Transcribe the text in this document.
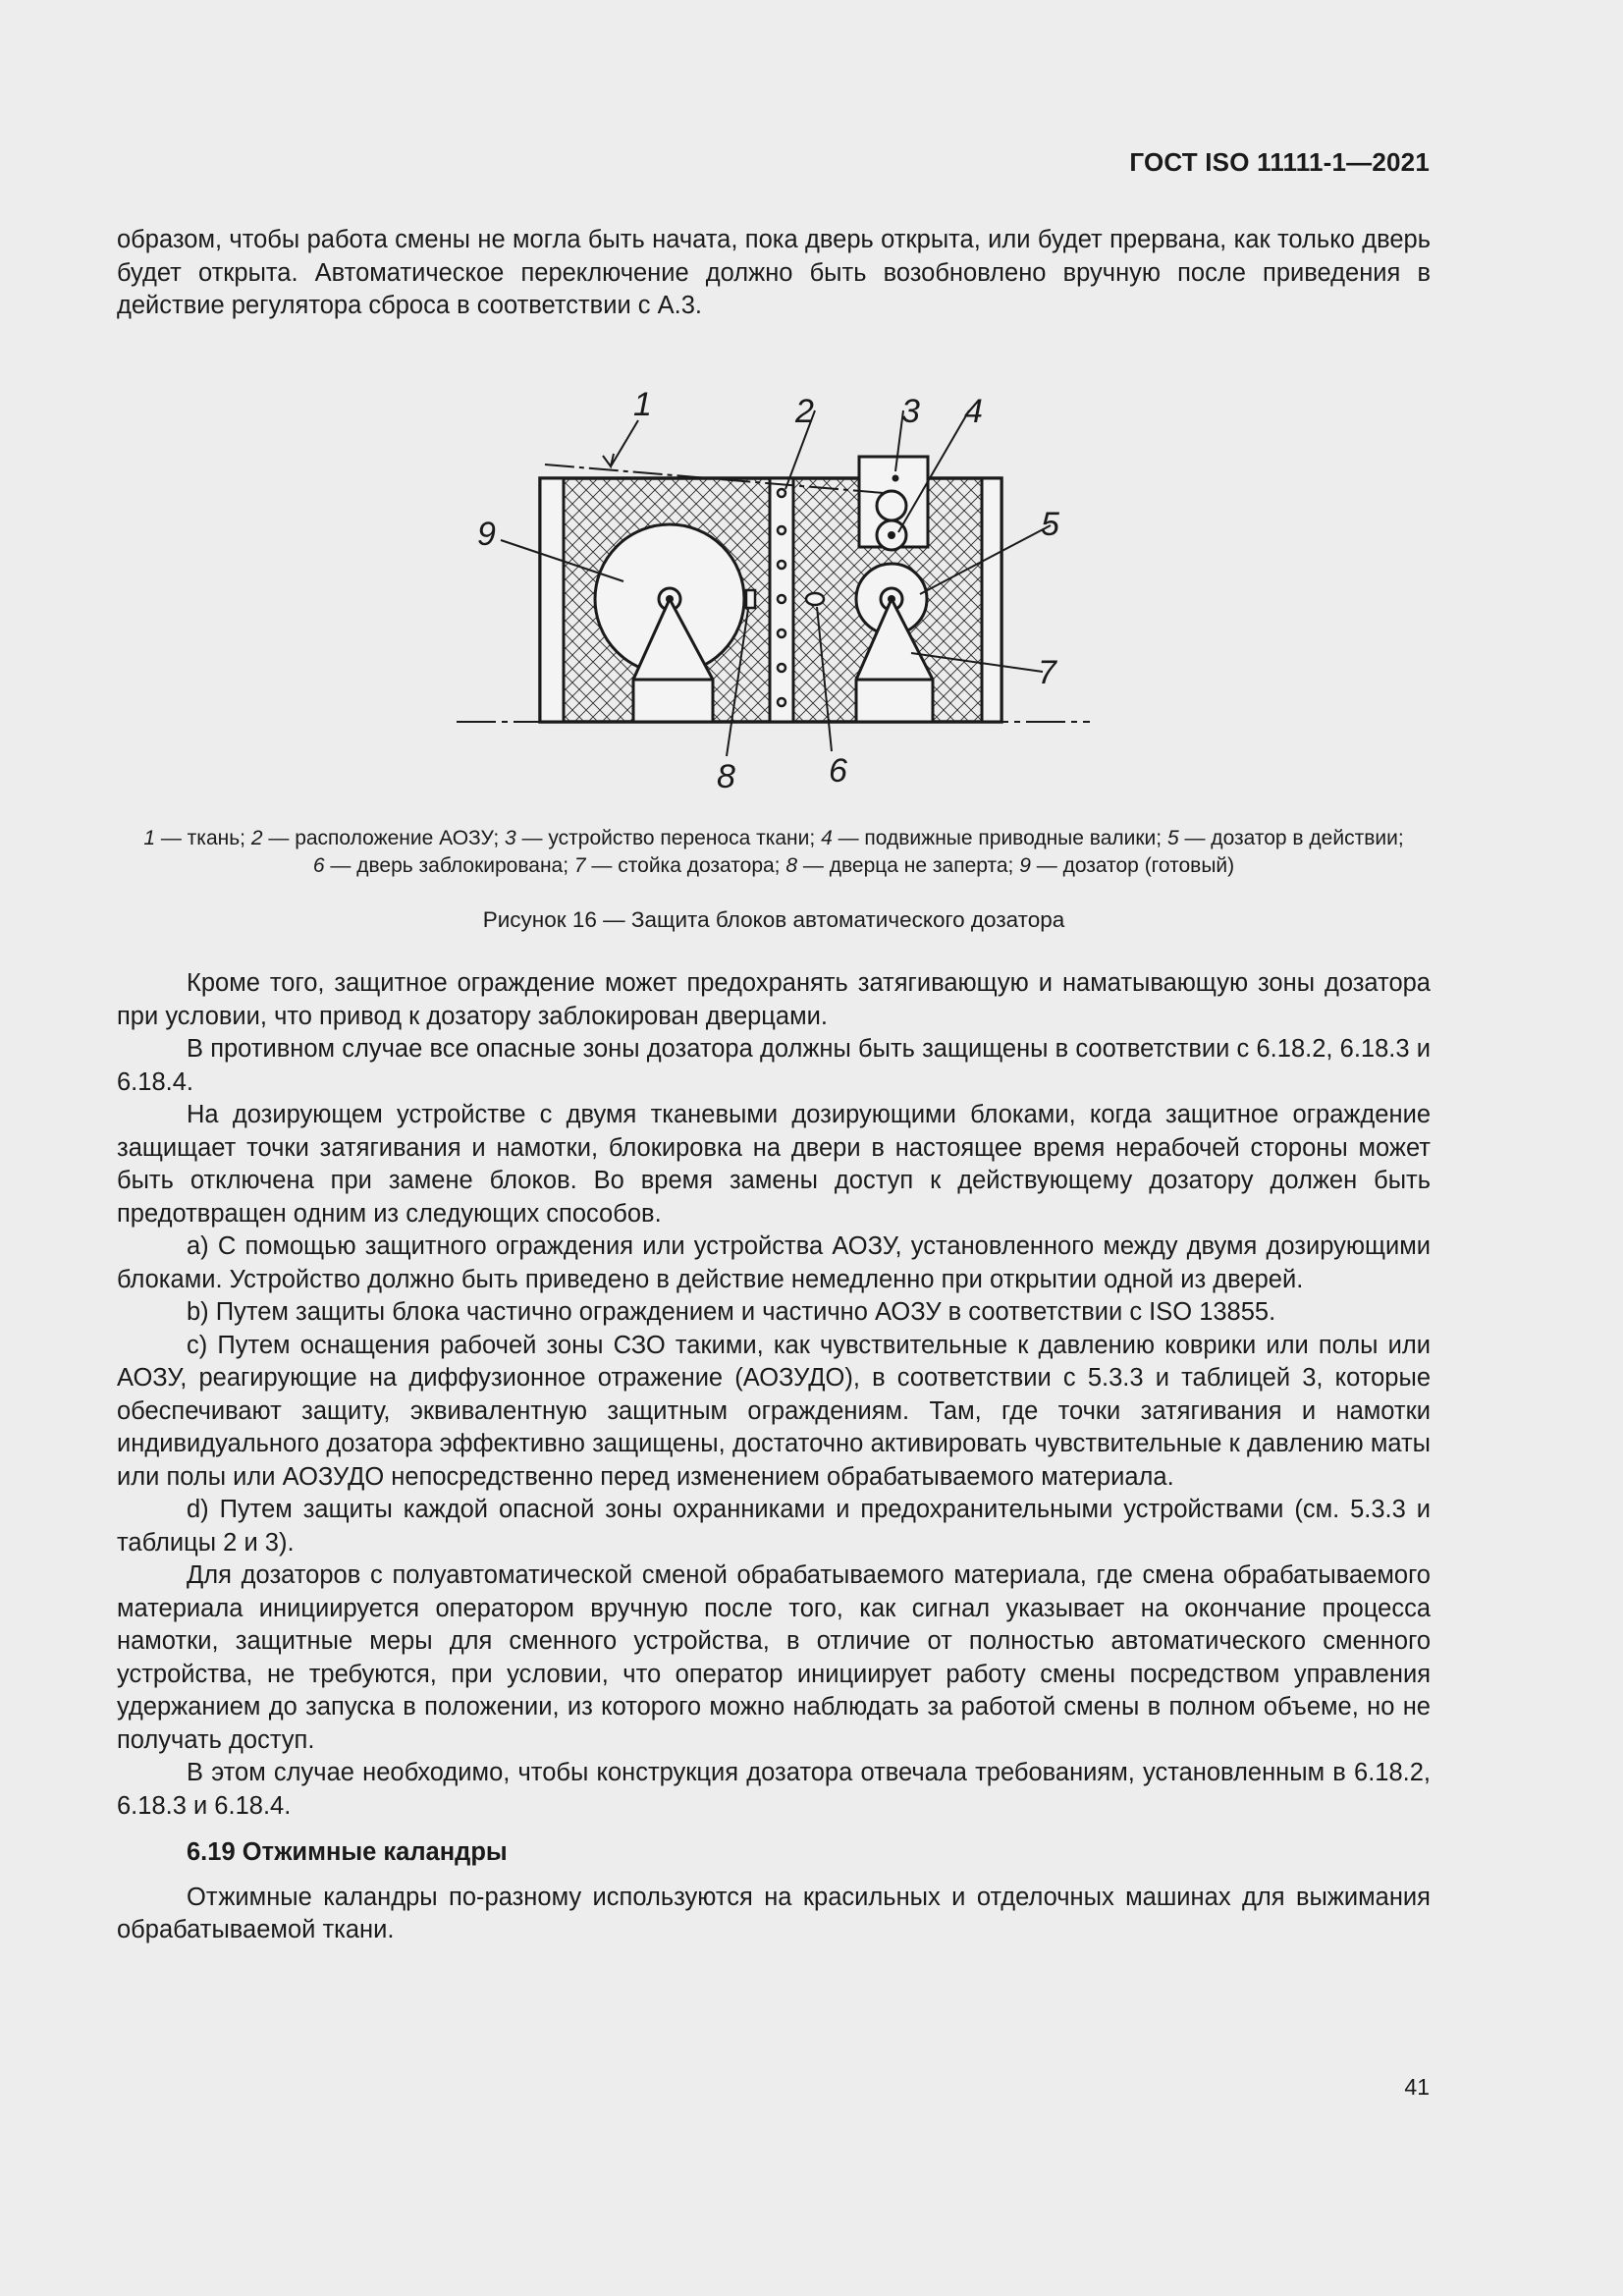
ГОСТ ISO 11111-1—2021

образом, чтобы работа смены не могла быть начата, пока дверь открыта, или будет прервана, как только дверь будет открыта. Автоматическое переключение должно быть возобновлено вручную после приведения в действие регулятора сброса в соответствии с А.3.

1	2	3 4
5
6
7
8
9
1 — ткань; 2 — расположение АОЗУ; 3 — устройство переноса ткани; 4 — подвижные приводные валики; 5 — дозатор в действии;
6 — дверь заблокирована; 7 — стойка дозатора; 8 — дверца не заперта; 9 — дозатор (готовый)
Рисунок 16 — Защита блоков автоматического дозатора

Кроме того, защитное ограждение может предохранять затягивающую и наматывающую зоны дозатора при условии, что привод к дозатору заблокирован дверцами.

В противном случае все опасные зоны дозатора должны быть защищены в соответствии с 6.18.2, 6.18.3 и 6.18.4.

На дозирующем устройстве с двумя тканевыми дозирующими блоками, когда защитное ограждение защищает точки затягивания и намотки, блокировка на двери в настоящее время нерабочей стороны может быть отключена при замене блоков. Во время замены доступ к действующему дозатору должен быть предотвращен одним из следующих способов.

a) С помощью защитного ограждения или устройства АОЗУ, установленного между двумя дозирующими блоками. Устройство должно быть приведено в действие немедленно при открытии одной из дверей.

b) Путем защиты блока частично ограждением и частично АОЗУ в соответствии с ISO 13855.

c) Путем оснащения рабочей зоны СЗО такими, как чувствительные к давлению коврики или полы или АОЗУ, реагирующие на диффузионное отражение (АОЗУДО), в соответствии с 5.3.3 и таблицей 3, которые обеспечивают защиту, эквивалентную защитным ограждениям. Там, где точки затягивания и намотки индивидуального дозатора эффективно защищены, достаточно активировать чувствительные к давлению маты или полы или АОЗУДО непосредственно перед изменением обрабатываемого материала.

d) Путем защиты каждой опасной зоны охранниками и предохранительными устройствами (см. 5.3.3 и таблицы 2 и 3).

Для дозаторов с полуавтоматической сменой обрабатываемого материала, где смена обрабатываемого материала инициируется оператором вручную после того, как сигнал указывает на окончание процесса намотки, защитные меры для сменного устройства, в отличие от полностью автоматического сменного устройства, не требуются, при условии, что оператор инициирует работу смены посредством управления удержанием до запуска в положении, из которого можно наблюдать за работой смены в полном объеме, но не получать доступ.

В этом случае необходимо, чтобы конструкция дозатора отвечала требованиям, установленным в 6.18.2, 6.18.3 и 6.18.4.

6.19 Отжимные каландры

Отжимные каландры по-разному используются на красильных и отделочных машинах для выжимания обрабатываемой ткани.

41
